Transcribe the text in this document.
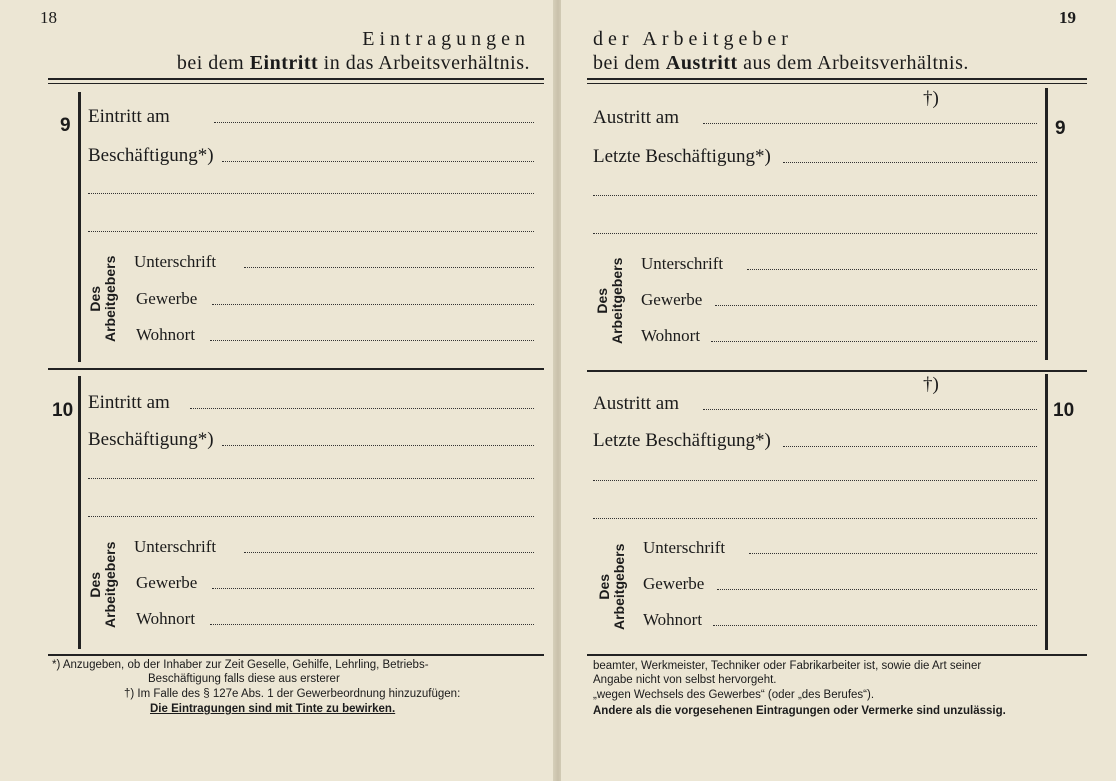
18
Eintragungen
bei dem Eintritt in das Arbeitsverhältnis.
9 Eintritt am
Beschäftigung*)
Des
Arbeitgebers Unterschrift
Gewerbe
Wohnort
10 Eintritt am
Beschäftigung*)
Des
Arbeitgebers Unterschrift
Gewerbe
Wohnort
*) Anzugeben, ob der Inhaber zur Zeit Geselle, Gehilfe, Lehrling, Betriebs-
Beschäftigung falls diese aus ersterer
†) Im Falle des § 127e Abs. 1 der Gewerbeordnung hinzuzufügen:
Die Eintragungen sind mit Tinte zu bewirken.
19
der Arbeitgeber
bei dem Austritt aus dem Arbeitsverhältnis.
†)
9
Austritt am
Letzte Beschäftigung*)
Des
Arbeitgebers Unterschrift
Gewerbe
Wohnort
†)
10
Austritt am
Letzte Beschäftigung*)
Des
Arbeitgebers Unterschrift
Gewerbe
Wohnort
beamter, Werkmeister, Techniker oder Fabrikarbeiter ist, sowie die Art seiner
Angabe nicht von selbst hervorgeht.
„wegen Wechsels des Gewerbes“ (oder „des Berufes“).
Andere als die vorgesehenen Eintragungen oder Vermerke sind unzulässig.
